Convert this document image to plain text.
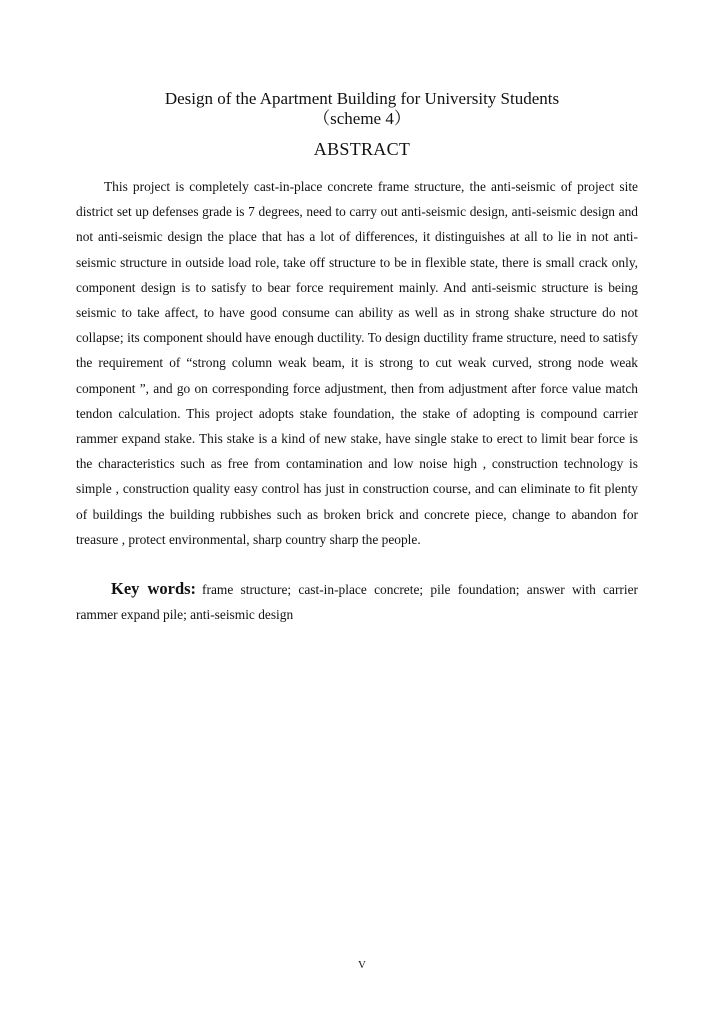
Design of the Apartment Building for University Students
（scheme 4）
ABSTRACT

This project is completely cast-in-place concrete frame structure, the anti-seismic of project site district set up defenses grade is 7 degrees, need to carry out anti-seismic design, anti-seismic design and not anti-seismic design the place that has a lot of differences, it distinguishes at all to lie in not anti-seismic structure in outside load role, take off structure to be in flexible state, there is small crack only, component design is to satisfy to bear force requirement mainly. And anti-seismic structure is being seismic to take affect, to have good consume can ability as well as in strong shake structure do not collapse; its component should have enough ductility. To design ductility frame structure, need to satisfy the requirement of “strong column weak beam, it is strong to cut weak curved, strong node weak component ”, and go on corresponding force adjustment, then from adjustment after force value match tendon calculation. This project adopts stake foundation, the stake of adopting is compound carrier rammer expand stake. This stake is a kind of new stake, have single stake to erect to limit bear force is the characteristics such as free from contamination and low noise high , construction technology is simple , construction quality easy control has just in construction course, and can eliminate to fit plenty of buildings the building rubbishes such as broken brick and concrete piece, change to abandon for treasure , protect environmental, sharp country sharp the people.

Key words: frame structure; cast-in-place concrete; pile foundation; answer with carrier rammer expand pile; anti-seismic design

V
